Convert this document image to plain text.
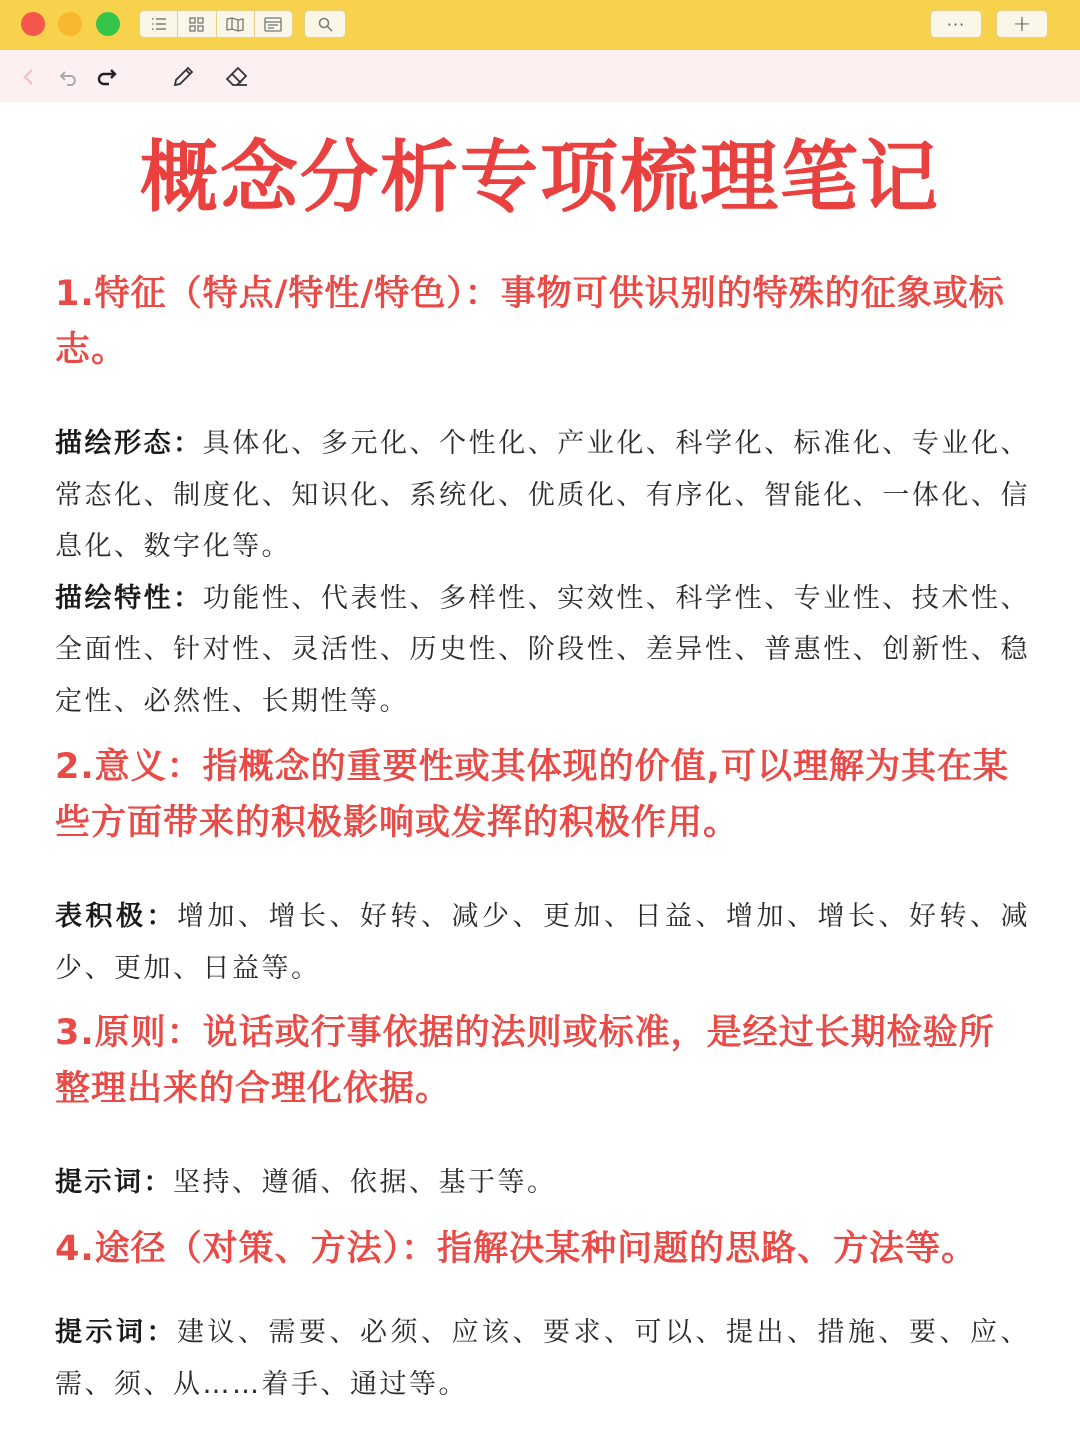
···	+
概念分析专项梳理笔记

1.特征（特点/特性/特色）：事物可供识别的特殊的征象或标志。

描绘形态：具体化、多元化、个性化、产业化、科学化、标准化、专业化、常态化、制度化、知识化、系统化、优质化、有序化、智能化、一体化、信息化、数字化等。

描绘特性：功能性、代表性、多样性、实效性、科学性、专业性、技术性、全面性、针对性、灵活性、历史性、阶段性、差异性、普惠性、创新性、稳定性、必然性、长期性等。

2.意义：指概念的重要性或其体现的价值,可以理解为其在某些方面带来的积极影响或发挥的积极作用。

表积极：增加、增长、好转、减少、更加、日益、增加、增长、好转、减少、更加、日益等。

3.原则：说话或行事依据的法则或标准，是经过长期检验所整理出来的合理化依据。

提示词：坚持、遵循、依据、基于等。

4.途径（对策、方法）：指解决某种问题的思路、方法等。

提示词：建议、需要、必须、应该、要求、可以、提出、措施、要、应、需、须、从……着手、通过等。
